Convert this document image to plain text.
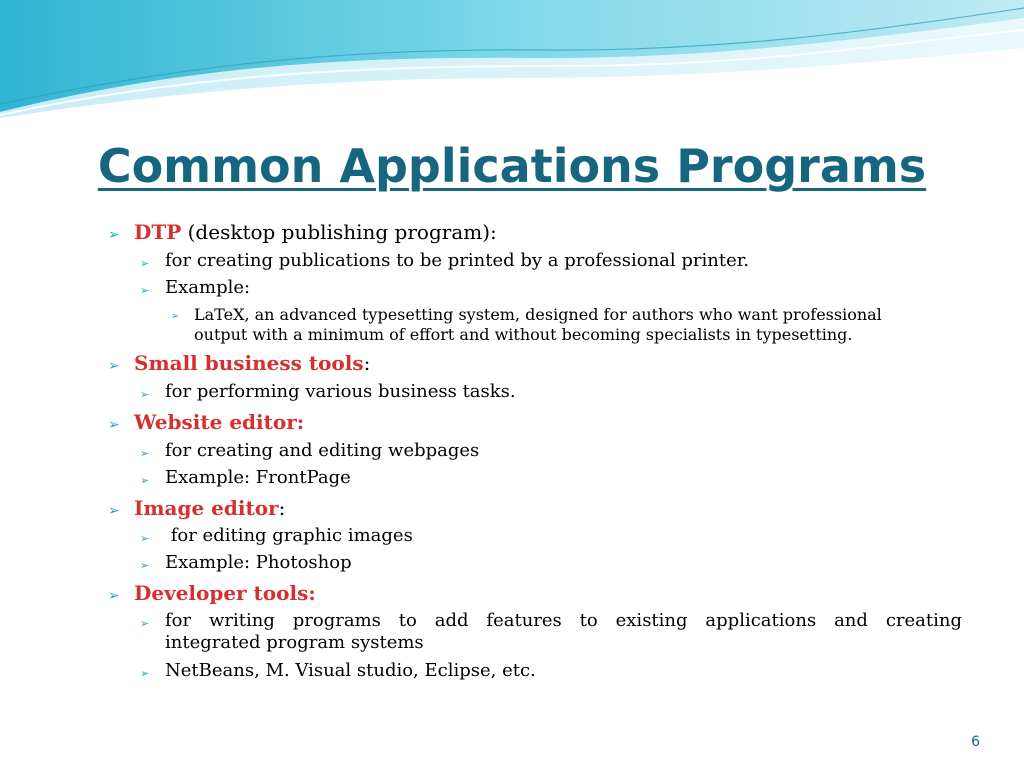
Common Applications Programs
➢ DTP (desktop publishing program):
➢ for creating publications to be printed by a professional printer.
➢ Example:
➢ LaTeX, an advanced typesetting system, designed for authors who want professional
output with a minimum of effort and without becoming specialists in typesetting.
➢ Small business tools:
➢ for performing various business tasks.
➢ Website editor:
➢ for creating and editing webpages
➢ Example: FrontPage
➢ Image editor:
➢ for editing graphic images
➢ Example: Photoshop
➢ Developer tools:
➢ for writing programs to add features to existing applications and creating
integrated program systems
➢ NetBeans, M. Visual studio, Eclipse, etc.
6
